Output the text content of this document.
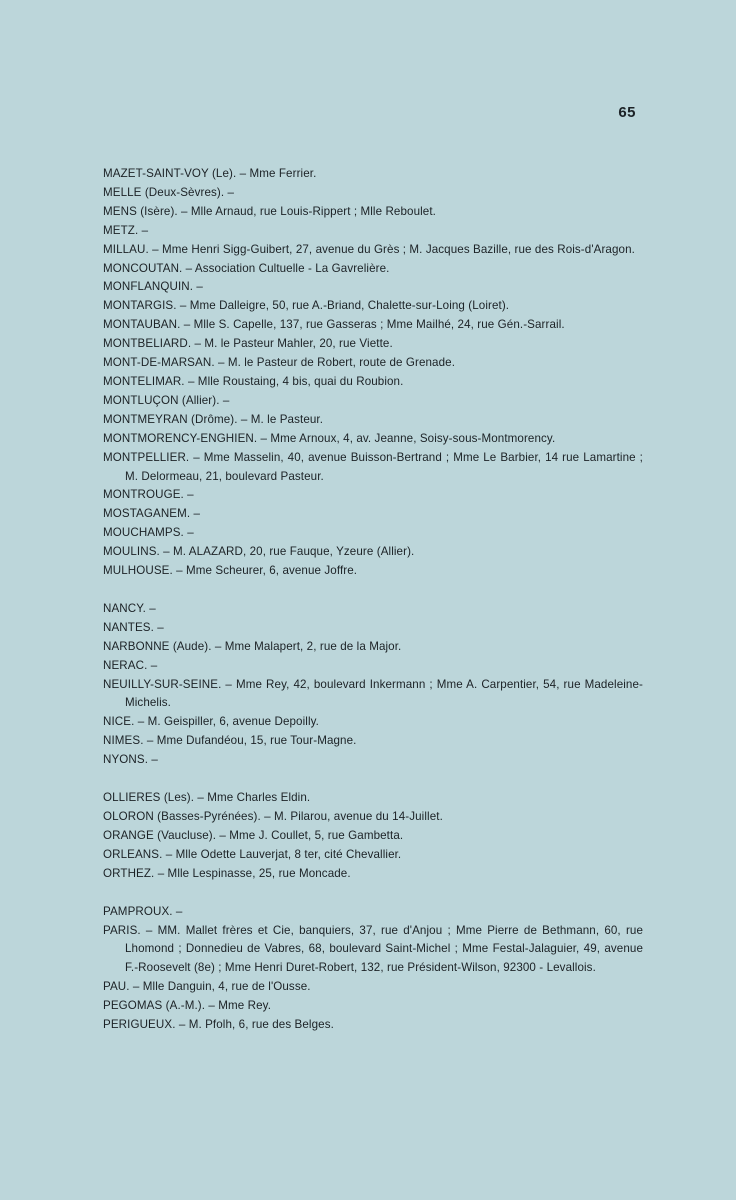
65

MAZET-SAINT-VOY (Le). – Mme Ferrier.

MELLE (Deux-Sèvres). –

MENS (Isère). – Mlle Arnaud, rue Louis-Rippert ; Mlle Reboulet.

METZ. –

MILLAU. – Mme Henri Sigg-Guibert, 27, avenue du Grès ; M. Jacques Bazille, rue des Rois-d'Aragon.

MONCOUTAN. – Association Cultuelle - La Gavrelière.

MONFLANQUIN. –

MONTARGIS. – Mme Dalleigre, 50, rue A.-Briand, Chalette-sur-Loing (Loiret).

MONTAUBAN. – Mlle S. Capelle, 137, rue Gasseras ; Mme Mailhé, 24, rue Gén.-Sarrail.

MONTBELIARD. – M. le Pasteur Mahler, 20, rue Viette.

MONT-DE-MARSAN. – M. le Pasteur de Robert, route de Grenade.

MONTELIMAR. – Mlle Roustaing, 4 bis, quai du Roubion.

MONTLUÇON (Allier). –

MONTMEYRAN (Drôme). – M. le Pasteur.

MONTMORENCY-ENGHIEN. – Mme Arnoux, 4, av. Jeanne, Soisy-sous-Montmorency.

MONTPELLIER. – Mme Masselin, 40, avenue Buisson-Bertrand ; Mme Le Barbier, 14 rue Lamartine ; M. Delormeau, 21, boulevard Pasteur.

MONTROUGE. –

MOSTAGANEM. –

MOUCHAMPS. –

MOULINS. – M. ALAZARD, 20, rue Fauque, Yzeure (Allier).

MULHOUSE. – Mme Scheurer, 6, avenue Joffre.

NANCY. –

NANTES. –

NARBONNE (Aude). – Mme Malapert, 2, rue de la Major.

NERAC. –

NEUILLY-SUR-SEINE. – Mme Rey, 42, boulevard Inkermann ; Mme A. Carpentier, 54, rue Madeleine-Michelis.

NICE. – M. Geispiller, 6, avenue Depoilly.

NIMES. – Mme Dufandéou, 15, rue Tour-Magne.

NYONS. –

OLLIERES (Les). – Mme Charles Eldin.

OLORON (Basses-Pyrénées). – M. Pilarou, avenue du 14-Juillet.

ORANGE (Vaucluse). – Mme J. Coullet, 5, rue Gambetta.

ORLEANS. – Mlle Odette Lauverjat, 8 ter, cité Chevallier.

ORTHEZ. – Mlle Lespinasse, 25, rue Moncade.

PAMPROUX. –

PARIS. – MM. Mallet frères et Cie, banquiers, 37, rue d'Anjou ; Mme Pierre de Bethmann, 60, rue Lhomond ; Donnedieu de Vabres, 68, boulevard Saint-Michel ; Mme Festal-Jalaguier, 49, avenue F.-Roosevelt (8e) ; Mme Henri Duret-Robert, 132, rue Président-Wilson, 92300 - Levallois.

PAU. – Mlle Danguin, 4, rue de l'Ousse.

PEGOMAS (A.-M.). – Mme Rey.

PERIGUEUX. – M. Pfolh, 6, rue des Belges.
